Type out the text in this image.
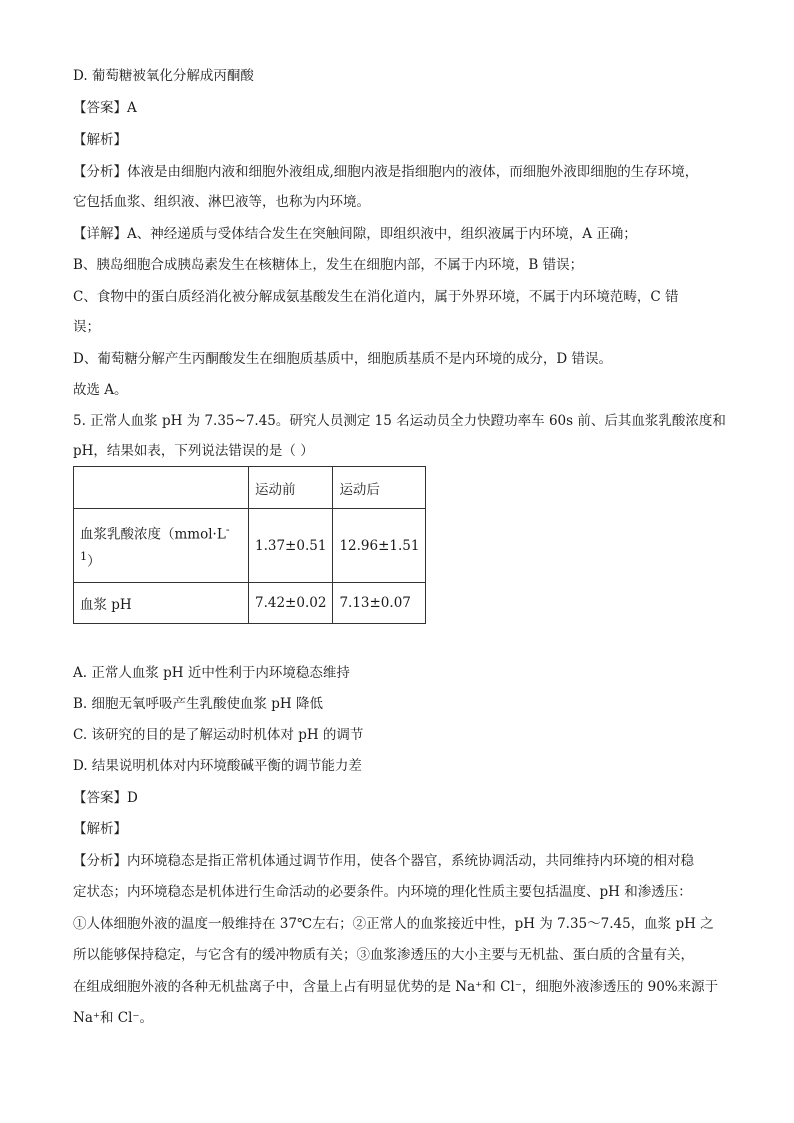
D. 葡萄糖被氧化分解成丙酮酸
【答案】A
【解析】
【分析】体液是由细胞内液和细胞外液组成,细胞内液是指细胞内的液体，而细胞外液即细胞的生存环境，
它包括血浆、组织液、淋巴液等，也称为内环境。
【详解】A、神经递质与受体结合发生在突触间隙，即组织液中，组织液属于内环境，A 正确；
B、胰岛细胞合成胰岛素发生在核糖体上，发生在细胞内部，不属于内环境，B 错误；
C、食物中的蛋白质经消化被分解成氨基酸发生在消化道内，属于外界环境，不属于内环境范畴，C 错
误；
D、葡萄糖分解产生丙酮酸发生在细胞质基质中，细胞质基质不是内环境的成分，D 错误。
故选 A。
5. 正常人血浆 pH 为 7.35~7.45。研究人员测定 15 名运动员全力快蹬功率车 60s 前、后其血浆乳酸浓度和
pH，结果如表，下列说法错误的是（ ）
	运动前	运动后
血浆乳酸浓度（mmol·L-
$^1$）	1.37±0.51	12.96±1.51
血浆 pH	7.42±0.02	7.13±0.07
A. 正常人血浆 pH 近中性利于内环境稳态维持
B. 细胞无氧呼吸产生乳酸使血浆 pH 降低
C. 该研究的目的是了解运动时机体对 pH 的调节
D. 结果说明机体对内环境酸碱平衡的调节能力差
【答案】D
【解析】
【分析】内环境稳态是指正常机体通过调节作用，使各个器官，系统协调活动，共同维持内环境的相对稳
定状态；内环境稳态是机体进行生命活动的必要条件。内环境的理化性质主要包括温度、pH 和渗透压：
①人体细胞外液的温度一般维持在 37℃左右；②正常人的血浆接近中性，pH 为 7.35～7.45，血浆 pH 之
所以能够保持稳定，与它含有的缓冲物质有关；③血浆渗透压的大小主要与无机盐、蛋白质的含量有关，
在组成细胞外液的各种无机盐离子中，含量上占有明显优势的是 Na⁺和 Cl⁻，细胞外液渗透压的 90%来源于
Na⁺和 Cl⁻。
